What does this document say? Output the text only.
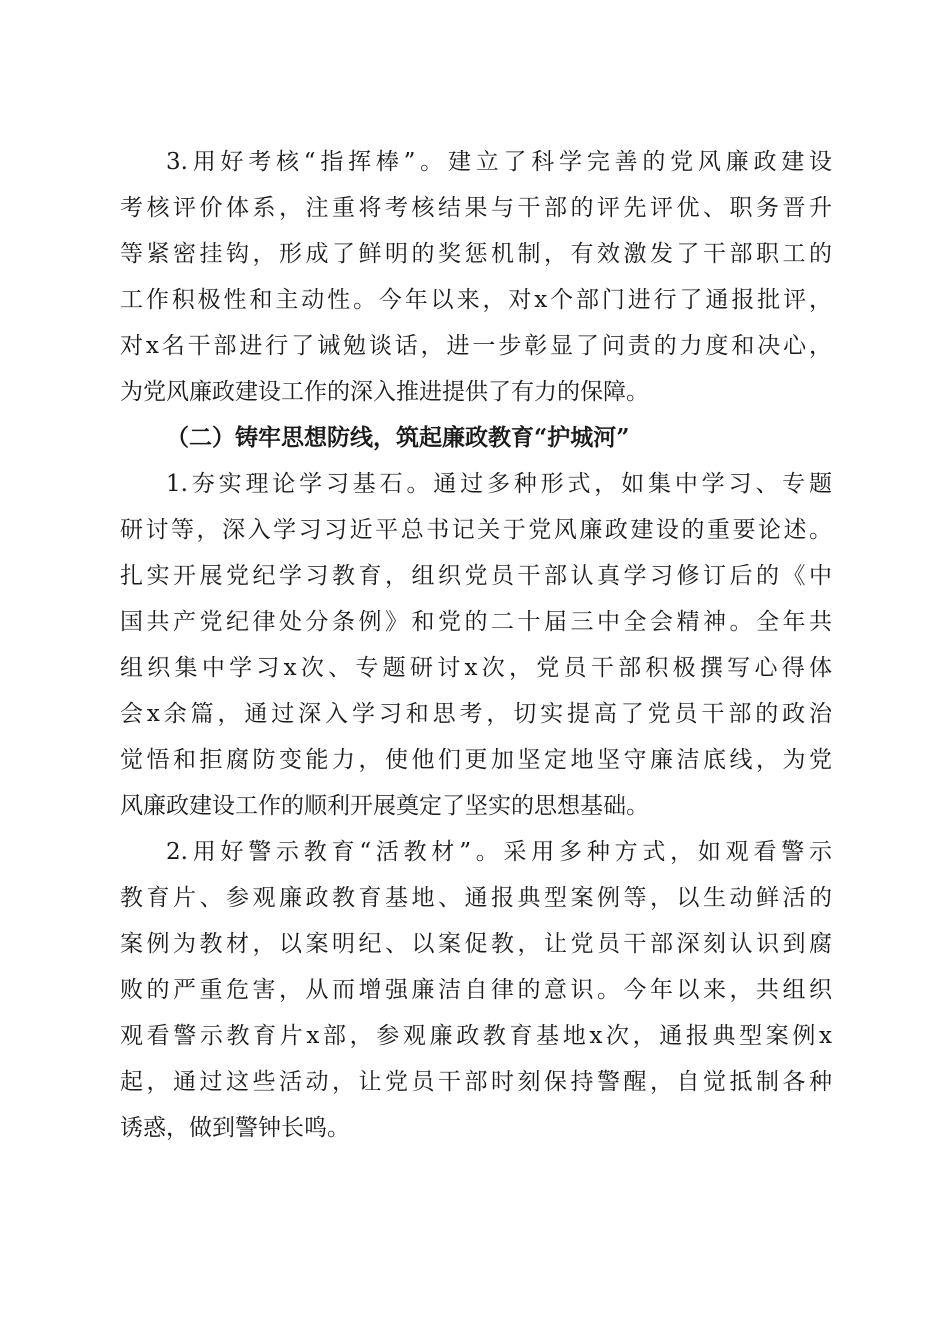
3.用好考核“指挥棒”。建立了科学完善的党风廉政建设
考核评价体系，注重将考核结果与干部的评先评优、职务晋升
等紧密挂钩，形成了鲜明的奖惩机制，有效激发了干部职工的
工作积极性和主动性。今年以来，对x个部门进行了通报批评，
对x名干部进行了诫勉谈话，进一步彰显了问责的力度和决心，
为党风廉政建设工作的深入推进提供了有力的保障。
（二）铸牢思想防线，筑起廉政教育“护城河”
1.夯实理论学习基石。通过多种形式，如集中学习、专题
研讨等，深入学习习近平总书记关于党风廉政建设的重要论述。
扎实开展党纪学习教育，组织党员干部认真学习修订后的《中
国共产党纪律处分条例》和党的二十届三中全会精神。全年共
组织集中学习x次、专题研讨x次，党员干部积极撰写心得体
会x余篇，通过深入学习和思考，切实提高了党员干部的政治
觉悟和拒腐防变能力，使他们更加坚定地坚守廉洁底线，为党
风廉政建设工作的顺利开展奠定了坚实的思想基础。
2.用好警示教育“活教材”。采用多种方式，如观看警示
教育片、参观廉政教育基地、通报典型案例等，以生动鲜活的
案例为教材，以案明纪、以案促教，让党员干部深刻认识到腐
败的严重危害，从而增强廉洁自律的意识。今年以来，共组织
观看警示教育片x部，参观廉政教育基地x次，通报典型案例x
起，通过这些活动，让党员干部时刻保持警醒，自觉抵制各种
诱惑，做到警钟长鸣。
